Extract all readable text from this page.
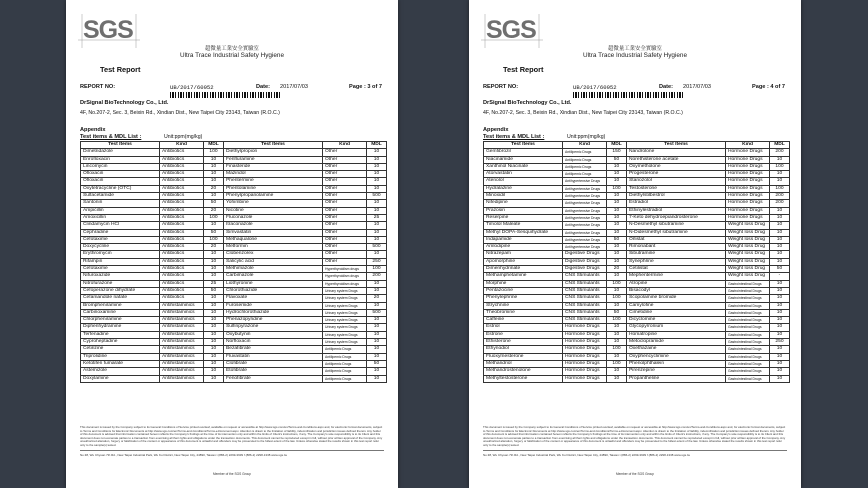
SGS
超微量工業安全實驗室
Ultra Trace Industrial Safety Hygiene
Test Report
REPORT NO:	UB/2017/60952	Date: 2017/07/03	Page : 3 of 7
DrSignal BioTechnology Co., Ltd.
4F, No.207-2, Sec. 3, Beixin Rd., Xindian Dist., New Taipei City 23143, Taiwan (R.O.C.)
Appendix
Test items & MDL List :	Unit:ppm(mg/kg)
Test Items	Kind	MDL	Test Items	Kind	MDL
Dimetridazole	Antibiotics	100	Diethylpropion	Other	10
Enrofloxacin	Antibiotics	10	Fenfluramine	Other	10
Lincomycin	Antibiotics	10	Finasteride	Other	10
Ofloxacin	Antibiotics	10	Mazindol	Other	10
Ofloxacin	Antibiotics	10	Phentermine	Other	10
Oxytetracycline (OTC)	Antibiotics	20	Phentolamine	Other	10
Sulfacetamide	Antibiotics	10	Phenylpropanolamine	Other	500
Santonin	Antibiotics	50	Yohimbine	Other	10
Ampicillin	Antibiotics	20	Nicotine	Other	10
Amoxicillin	Antibiotics	100	Fluconazole	Other	25
Clindamycin HCl	Antibiotics	10	Itraconazole	Other	10
Cephradine	Antibiotics	50	Simvastatin	Other	10
Cefotaxime	Antibiotics	100	Methaqualone	Other	10
Doxycycline	Antibiotics	20	Metformin	Other	500
Erythromycin	Antibiotics	10	Clobenzorex	Other	10
Rifampin	Antibiotics	10	Salicylic acid	Other	250
Cefotaxime	Antibiotics	10	Methimazole	Hyperthyroidism drugs	100
Nifuroxazide	Antibiotics	10	Carbimazole	Hyperthyroidism drugs	200
Nitrofurazone	Antibiotics	25	Liothyronine	Hyperthyroidism drugs	10
Cefoperazone dihydrate	Antibiotics	50	Chlorothiazide	Urinary system Drugs	10
Cefamandole nafate	Antibiotics	10	Flavoxate	Urinary system Drugs	20
Brompheniramine	Antihistaminics	10	Furosemide	Urinary system Drugs	10
Carbinoxamine	Antihistaminics	10	Hydrochlorothiazide	Urinary system Drugs	500
Chlorpheniramine	Antihistaminics	10	Phenazopyridine	Urinary system Drugs	10
Diphenhydramine	Antihistaminics	10	Sulfinpyrazone	Urinary system Drugs	10
Terfenadine	Antihistaminics	10	Oxybutynin	Urinary system Drugs	10
Cyproheptadine	Antihistaminics	10	Norfloxacin	Urinary system Drugs	10
Cetirizine	Antihistaminics	10	Bezafibrate	Antilipemic Drugs	10
Triprolidine	Antihistaminics	10	Fluvastatin	Antilipemic Drugs	10
Ketotifen fumarate	Antihistaminics	10	Clofibrate	Antilipemic Drugs	50
Astemizole	Antihistaminics	10	Etofibrate	Antilipemic Drugs	10
Doxylamine	Antihistaminics	10	Fenofibrate	Antilipemic Drugs	10
This document is issued by the Company subject to its General Conditions of Service printed overleaf, available on request or accessible at http://www.sgs.com/en/Terms-and-Conditions.aspx and, for electronic format documents, subject to Terms and Conditions for Electronic Documents at http://www.sgs.com/en/Terms-and-Conditions/Terms-e-Document.aspx. Attention is drawn to the limitation of liability, indemnification and jurisdiction issues defined therein. Any holder of this document is advised that information contained hereon reflects the Company's findings at the time of its intervention only and within the limits of Client's instructions, if any. The Company's sole responsibility is to its Client and this document does not exonerate parties to a transaction from exercising all their rights and obligations under the transaction documents. This document cannot be reproduced except in full, without prior written approval of the Company. Any unauthorized alteration, forgery or falsification of the content or appearance of this document is unlawful and offenders may be prosecuted to the fullest extent of the law. Unless otherwise stated the results shown in this test report refer only to the sample(s) tested.
No.38, Wu Chyuan 7th Rd., New Taipei Industrial Park, Wu Ku District, New Taipei City, 24890, Taiwan t (886-2) 2299-3939 f (886-2) 2298-1338 www.sgs.tw
Member of the SGS Group
SGS
超微量工業安全實驗室
Ultra Trace Industrial Safety Hygiene
Test Report
REPORT NO:	UB/2017/60952	Date: 2017/07/03	Page : 4 of 7
DrSignal BioTechnology Co., Ltd.
4F, No.207-2, Sec. 3, Beixin Rd., Xindian Dist., New Taipei City 23143, Taiwan (R.O.C.)
Appendix
Test items & MDL List :	Unit:ppm(mg/kg)
Test Items	Kind	MDL	Test Items	Kind	MDL
Gemfibrozil	Antilipemic Drugs	150	Nandrolone	Hormone Drugs	200
Niacinamide	Antilipemic Drugs	50	Norethisterone acetate	Hormone Drugs	10
Xanthinol Niacinate	Antilipemic Drugs	10	Oxymetholone	Hormone Drugs	100
Atorvastatin	Antilipemic Drugs	10	Progesterone	Hormone Drugs	10
Atenolol	Antihypertensive Drugs	10	Stanozolol	Hormone Drugs	10
Hydralazine	Antihypertensive Drugs	100	Testosterone	Hormone Drugs	100
Minoxidil	Antihypertensive Drugs	10	Diethylstilbestrol	Hormone Drugs	200
Nifedipine	Antihypertensive Drugs	10	Estradiol	Hormone Drugs	200
Prazosin	Antihypertensive Drugs	10	Ethinylestradiol	Hormone Drugs	10
Reserpine	Antihypertensive Drugs	10	7-Keto dehydroepiandrosterone	Hormone Drugs	10
Timolol Maleate	Antihypertensive Drugs	10	N-Desmethyl sibutramine	Weight loss Drug	10
Methyl DOPA-Sesquihydrate	Antihypertensive Drugs	10	N-Didesmethyl sibutramine	Weight loss Drug	10
Indapamide	Antihypertensive Drugs	50	Orlistat	Weight loss Drug	10
Amlodipine	Antihypertensive Drugs	10	Rimonabant	Weight loss Drug	10
Nitrazepam	Digestive Drugs	10	Sibutramine	Weight loss Drug	10
Apomorphine	Digestive Drugs	10	Synephrine	Weight loss Drug	10
Dimenhydrinate	Digestive Drugs	20	Cetilistat	Weight loss Drug	50
Methamphetamine	CNS Stimulants	10	Mephentermine	Weight loss Drug	-
Morphine	CNS Stimulants	100	Atropine	Gastrointestinal Drugs	10
Pentazocine	CNS Stimulants	10	Bisacodyl	Gastrointestinal Drugs	10
Phenylephrine	CNS Stimulants	100	Scopolamine bromide	Gastrointestinal Drugs	10
Strychnine	CNS Stimulants	10	Camylofine	Gastrointestinal Drugs	10
Theobromine	CNS Stimulants	50	Cimetidine	Gastrointestinal Drugs	10
Caffeine	CNS Stimulants	100	Dicyclomine	Gastrointestinal Drugs	10
Estriol	Hormone Drugs	10	Glycopyrronium	Gastrointestinal Drugs	10
Estrone	Hormone Drugs	10	Homatropine	Gastrointestinal Drugs	10
Ethisterone	Hormone Drugs	10	Metoclopramide	Gastrointestinal Drugs	250
Ethynodiol	Hormone Drugs	100	Oxethazaine	Gastrointestinal Drugs	10
Fluoxymesterone	Hormone Drugs	10	Oxyphencyclimine	Gastrointestinal Drugs	10
Methandriol	Hormone Drugs	100	Phenolphthalein	Gastrointestinal Drugs	10
Methandrostenolone	Hormone Drugs	10	Pirenzepine	Gastrointestinal Drugs	10
Methyltestosterone	Hormone Drugs	10	Propantheline	Gastrointestinal Drugs	10
This document is issued by the Company subject to its General Conditions of Service printed overleaf, available on request or accessible at http://www.sgs.com/en/Terms-and-Conditions.aspx and, for electronic format documents, subject to Terms and Conditions for Electronic Documents at http://www.sgs.com/en/Terms-and-Conditions/Terms-e-Document.aspx. Attention is drawn to the limitation of liability, indemnification and jurisdiction issues defined therein. Any holder of this document is advised that information contained hereon reflects the Company's findings at the time of its intervention only and within the limits of Client's instructions, if any. The Company's sole responsibility is to its Client and this document does not exonerate parties to a transaction from exercising all their rights and obligations under the transaction documents. This document cannot be reproduced except in full, without prior written approval of the Company. Any unauthorized alteration, forgery or falsification of the content or appearance of this document is unlawful and offenders may be prosecuted to the fullest extent of the law. Unless otherwise stated the results shown in this test report refer only to the sample(s) tested.
No.38, Wu Chyuan 7th Rd., New Taipei Industrial Park, Wu Ku District, New Taipei City, 24890, Taiwan t (886-2) 2299-3939 f (886-2) 2298-1338 www.sgs.tw
Member of the SGS Group
